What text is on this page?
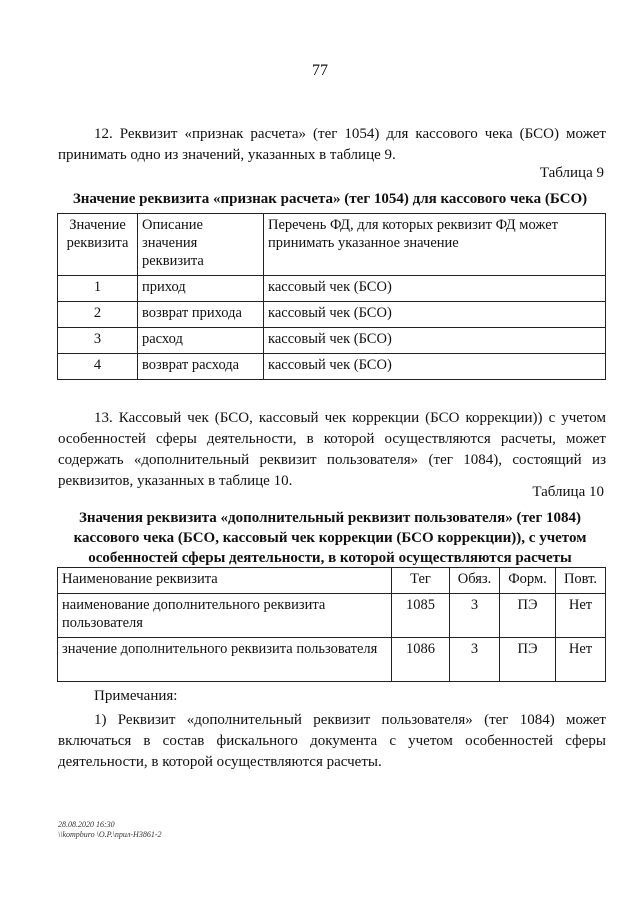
77

12. Реквизит «признак расчета» (тег 1054) для кассового чека (БСО) может принимать одно из значений, указанных в таблице 9.

Таблица 9

Значение реквизита «признак расчета» (тег 1054) для кассового чека (БСО)

Значение реквизита	Описание значения реквизита	Перечень ФД, для которых реквизит ФД может принимать указанное значение
1	приход	кассовый чек (БСО)
2	возврат прихода	кассовый чек (БСО)
3	расход	кассовый чек (БСО)
4	возврат расхода	кассовый чек (БСО)

13. Кассовый чек (БСО, кассовый чек коррекции (БСО коррекции)) с учетом особенностей сферы деятельности, в которой осуществляются расчеты, может содержать «дополнительный реквизит пользователя» (тег 1084), состоящий из реквизитов, указанных в таблице 10.

Таблица 10
Значения реквизита «дополнительный реквизит пользователя» (тег 1084)
кассового чека (БСО, кассовый чек коррекции (БСО коррекции)), с учетом
особенностей сферы деятельности, в которой осуществляются расчеты
Наименование реквизита	Тег	Обяз.	Форм.	Повт.
наименование дополнительного реквизита пользователя	1085	3	ПЭ	Нет
значение дополнительного реквизита пользователя	1086	3	ПЭ	Нет

Примечания:

1) Реквизит «дополнительный реквизит пользователя» (тег 1084) может включаться в состав фискального документа с учетом особенностей сферы деятельности, в которой осуществляются расчеты.

28.08.2020 16:30
\\kompburo \О.Р.\прил-Н3861-2
